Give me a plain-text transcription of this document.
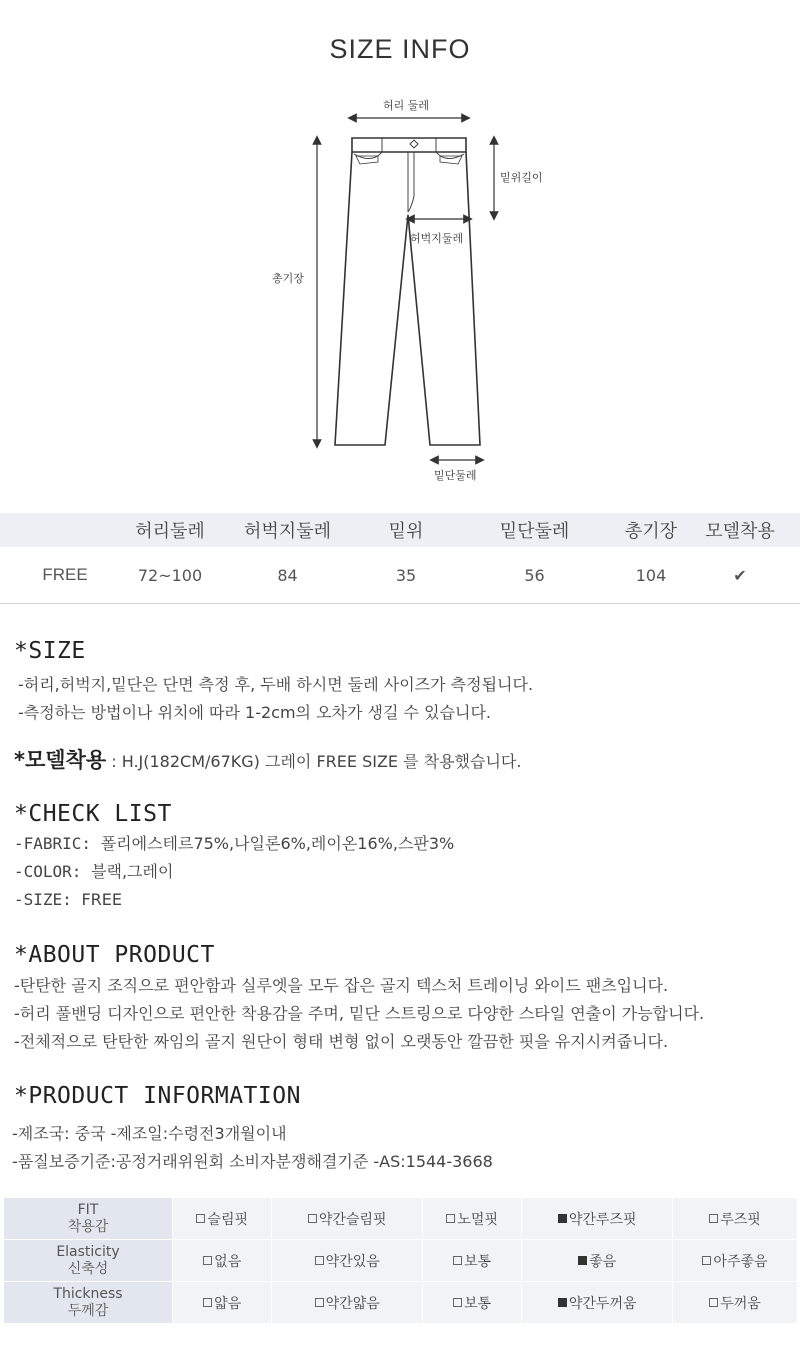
SIZE INFO
허리 둘레
밑위길이
허벅지둘레
총기장
밑단둘레
	허리둘레	허벅지둘레	밑위	밑단둘레	총기장	모델착용
FREE	72~100	84	35	56	104	✔
*SIZE
-허리,허벅지,밑단은 단면 측정 후, 두배 하시면 둘레 사이즈가 측정됩니다.
-측정하는 방법이나 위치에 따라 1-2cm의 오차가 생길 수 있습니다.
*모델착용 : H.J(182CM/67KG) 그레이 FREE SIZE 를 착용했습니다.
*CHECK LIST
-FABRIC: 폴리에스테르75%,나일론6%,레이온16%,스판3%
-COLOR: 블랙,그레이
-SIZE: FREE
*ABOUT PRODUCT
-탄탄한 골지 조직으로 편안함과 실루엣을 모두 잡은 골지 텍스처 트레이닝 와이드 팬츠입니다.
-허리 풀밴딩 디자인으로 편안한 착용감을 주며, 밑단 스트링으로 다양한 스타일 연출이 가능합니다.
-전체적으로 탄탄한 짜임의 골지 원단이 형태 변형 없이 오랫동안 깔끔한 핏을 유지시켜줍니다.
*PRODUCT INFORMATION
-제조국: 중국 -제조일:수령전3개월이내
-품질보증기준:공정거래위원회 소비자분쟁해결기준 -AS:1544-3668
FIT
착용감	슬림핏	약간슬림핏	노멀핏	약간루즈핏	루즈핏
Elasticity
신축성	없음	약간있음	보통	좋음	아주좋음
Thickness
두께감	얇음	약간얇음	보통	약간두꺼움	두꺼움
